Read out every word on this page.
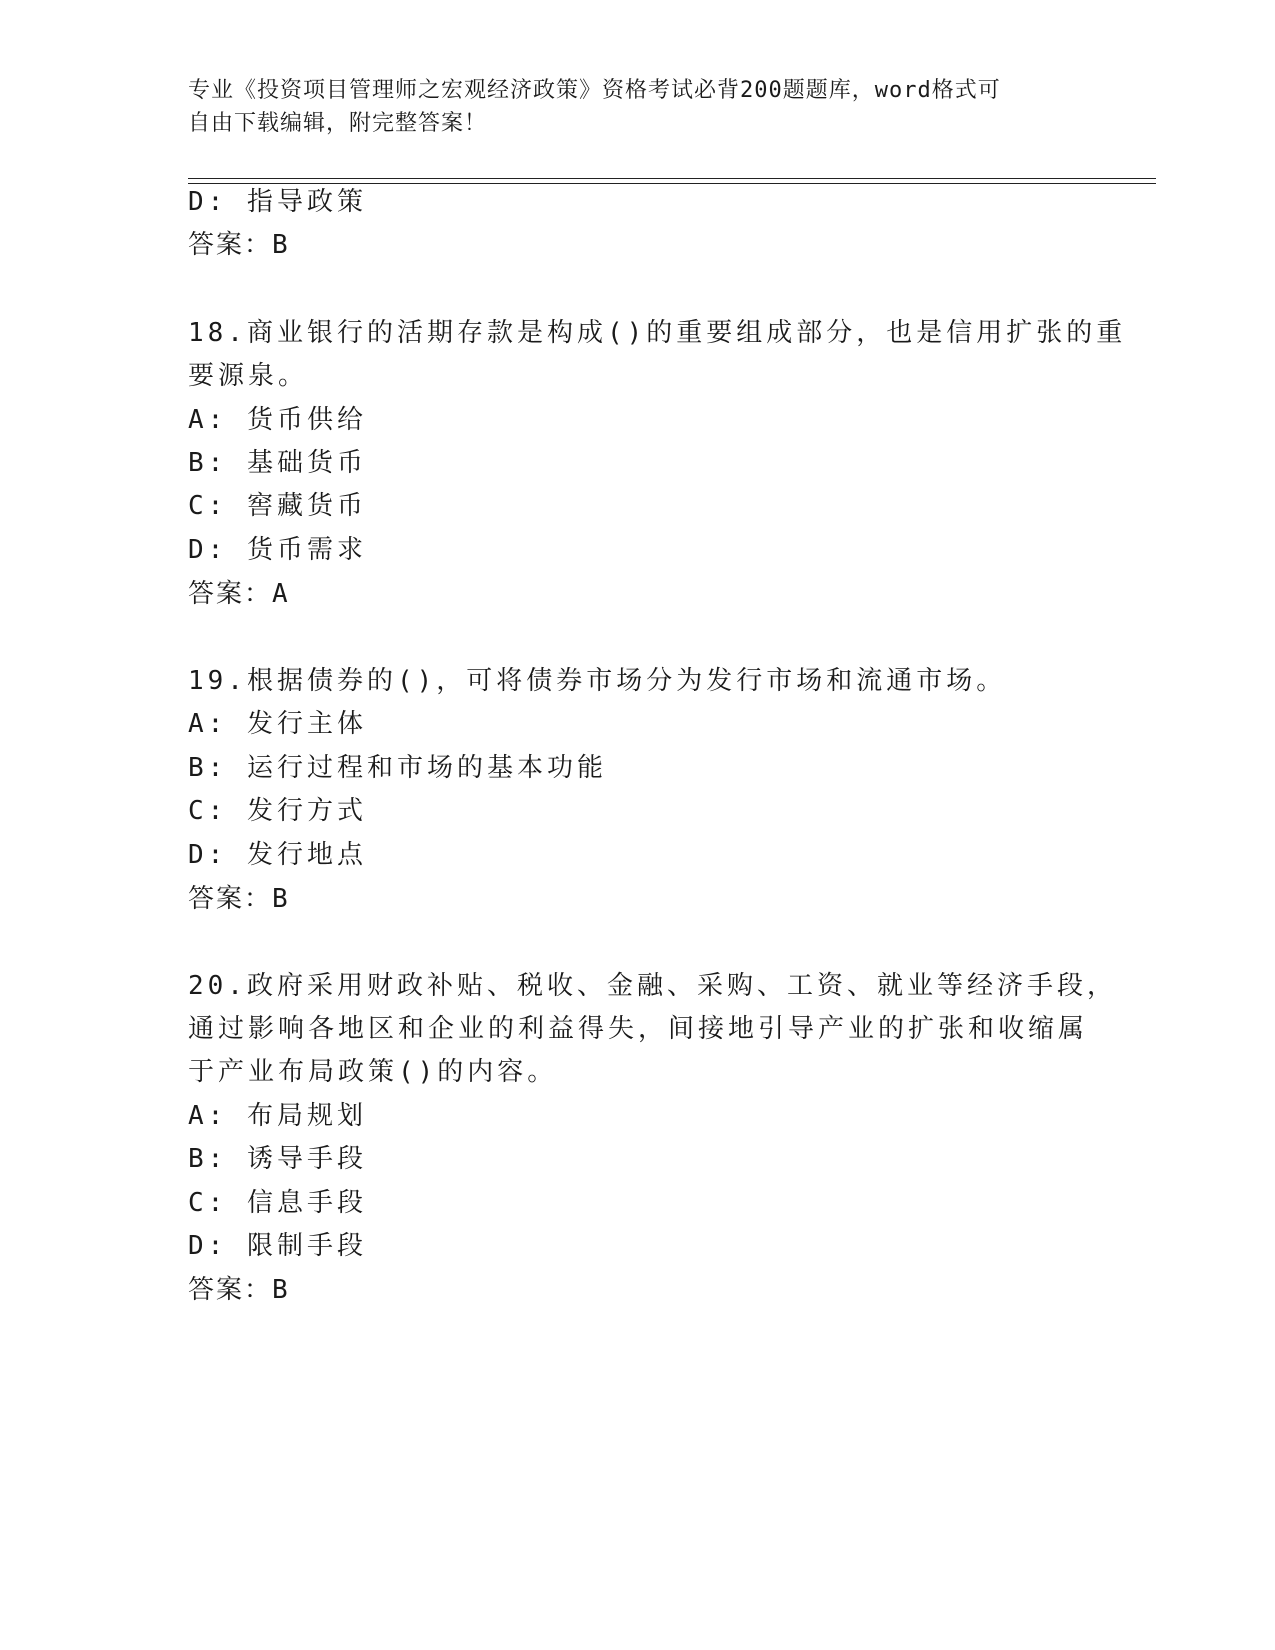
专业《投资项目管理师之宏观经济政策》资格考试必背200题题库，word格式可
自由下载编辑，附完整答案！
D: 指导政策
答案：B
18.商业银行的活期存款是构成()的重要组成部分，也是信用扩张的重
要源泉。
A: 货币供给
B: 基础货币
C: 窖藏货币
D: 货币需求
答案：A
19.根据债券的()，可将债券市场分为发行市场和流通市场。
A: 发行主体
B: 运行过程和市场的基本功能
C: 发行方式
D: 发行地点
答案：B
20.政府采用财政补贴、税收、金融、采购、工资、就业等经济手段，
通过影响各地区和企业的利益得失，间接地引导产业的扩张和收缩属
于产业布局政策()的内容。
A: 布局规划
B: 诱导手段
C: 信息手段
D: 限制手段
答案：B
